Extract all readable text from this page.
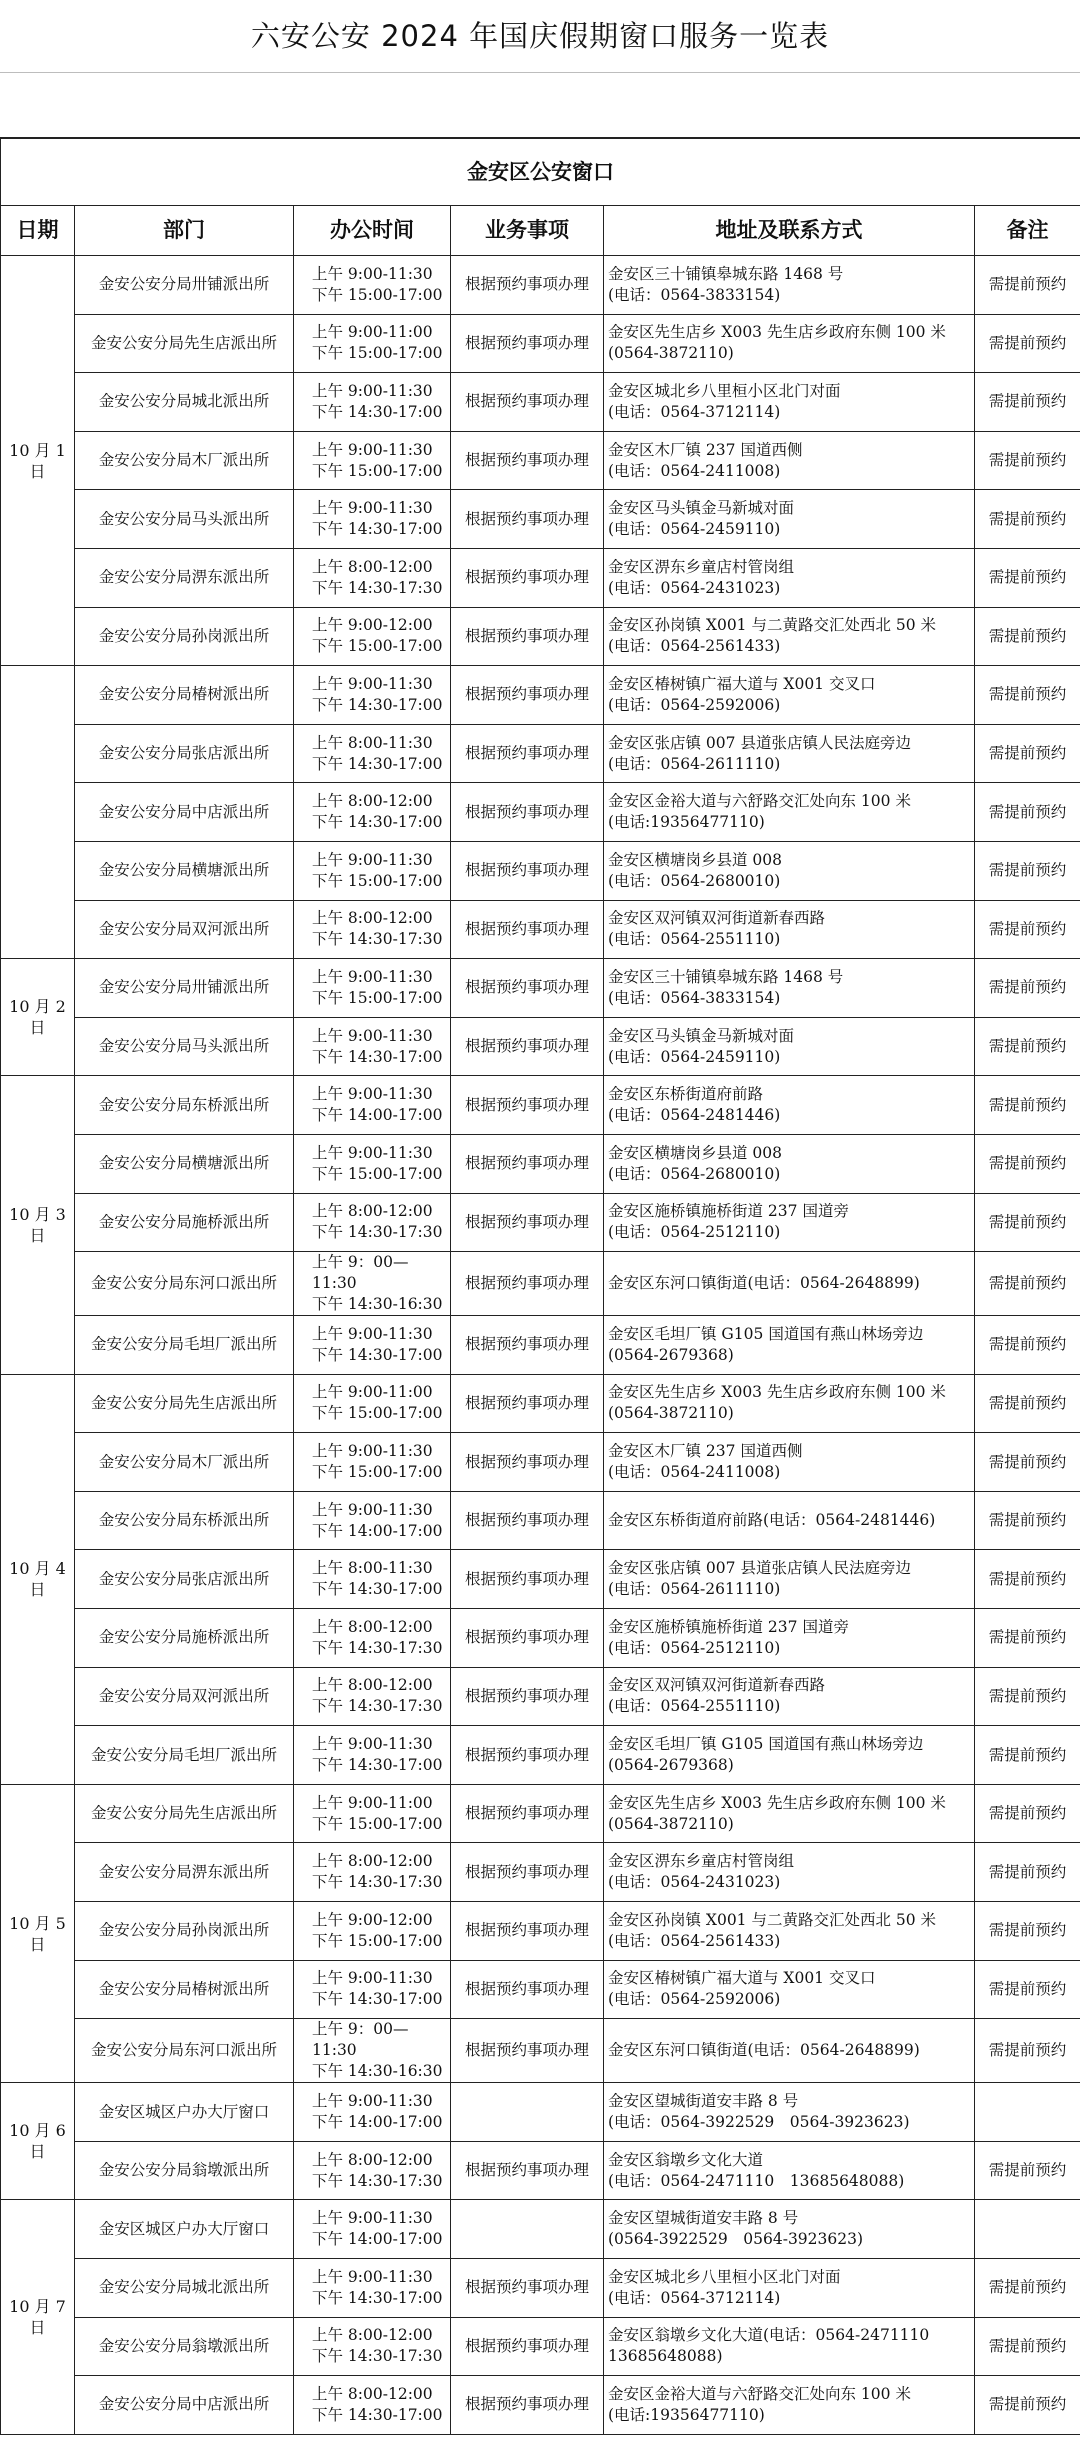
六安公安 2024 年国庆假期窗口服务一览表
金安区公安窗口					
日期	部门	办公时间	业务事项	地址及联系方式	备注
10 月 1 日	金安公安分局卅铺派出所	上午 9:00-11:30
下午 15:00-17:00	根据预约事项办理	金安区三十铺镇皋城东路 1468 号
(电话：0564-3833154)	需提前预约
	金安公安分局先生店派出所	上午 9:00-11:00
下午 15:00-17:00	根据预约事项办理	金安区先生店乡 X003 先生店乡政府东侧 100 米
(0564-3872110)	需提前预约
	金安公安分局城北派出所	上午 9:00-11:30
下午 14:30-17:00	根据预约事项办理	金安区城北乡八里桓小区北门对面
(电话：0564-3712114)	需提前预约
	金安公安分局木厂派出所	上午 9:00-11:30
下午 15:00-17:00	根据预约事项办理	金安区木厂镇 237 国道西侧
(电话：0564-2411008)	需提前预约
	金安公安分局马头派出所	上午 9:00-11:30
下午 14:30-17:00	根据预约事项办理	金安区马头镇金马新城对面
(电话：0564-2459110)	需提前预约
	金安公安分局淠东派出所	上午 8:00-12:00
下午 14:30-17:30	根据预约事项办理	金安区淠东乡童店村管岗组
(电话：0564-2431023)	需提前预约
	金安公安分局孙岗派出所	上午 9:00-12:00
下午 15:00-17:00	根据预约事项办理	金安区孙岗镇 X001 与二黄路交汇处西北 50 米
(电话：0564-2561433)	需提前预约
	金安公安分局椿树派出所	上午 9:00-11:30
下午 14:30-17:00	根据预约事项办理	金安区椿树镇广福大道与 X001 交叉口
(电话：0564-2592006)	需提前预约
	金安公安分局张店派出所	上午 8:00-11:30
下午 14:30-17:00	根据预约事项办理	金安区张店镇 007 县道张店镇人民法庭旁边
(电话：0564-2611110)	需提前预约
	金安公安分局中店派出所	上午 8:00-12:00
下午 14:30-17:00	根据预约事项办理	金安区金裕大道与六舒路交汇处向东 100 米
(电话:19356477110)	需提前预约
	金安公安分局横塘派出所	上午 9:00-11:30
下午 15:00-17:00	根据预约事项办理	金安区横塘岗乡县道 008
(电话：0564-2680010)	需提前预约
	金安公安分局双河派出所	上午 8:00-12:00
下午 14:30-17:30	根据预约事项办理	金安区双河镇双河街道新春西路
(电话：0564-2551110)	需提前预约
10 月 2 日	金安公安分局卅铺派出所	上午 9:00-11:30
下午 15:00-17:00	根据预约事项办理	金安区三十铺镇皋城东路 1468 号
(电话：0564-3833154)	需提前预约
	金安公安分局马头派出所	上午 9:00-11:30
下午 14:30-17:00	根据预约事项办理	金安区马头镇金马新城对面
(电话：0564-2459110)	需提前预约
10 月 3 日	金安公安分局东桥派出所	上午 9:00-11:30
下午 14:00-17:00	根据预约事项办理	金安区东桥街道府前路
(电话：0564-2481446)	需提前预约
	金安公安分局横塘派出所	上午 9:00-11:30
下午 15:00-17:00	根据预约事项办理	金安区横塘岗乡县道 008
(电话：0564-2680010)	需提前预约
	金安公安分局施桥派出所	上午 8:00-12:00
下午 14:30-17:30	根据预约事项办理	金安区施桥镇施桥街道 237 国道旁
(电话：0564-2512110)	需提前预约
	金安公安分局东河口派出所	上午 9：00—11:30
下午 14:30-16:30	根据预约事项办理	金安区东河口镇街道(电话：0564-2648899)	需提前预约
	金安公安分局毛坦厂派出所	上午 9:00-11:30
下午 14:30-17:00	根据预约事项办理	金安区毛坦厂镇 G105 国道国有燕山林场旁边
(0564-2679368)	需提前预约
10 月 4 日	金安公安分局先生店派出所	上午 9:00-11:00
下午 15:00-17:00	根据预约事项办理	金安区先生店乡 X003 先生店乡政府东侧 100 米
(0564-3872110)	需提前预约
	金安公安分局木厂派出所	上午 9:00-11:30
下午 15:00-17:00	根据预约事项办理	金安区木厂镇 237 国道西侧
(电话：0564-2411008)	需提前预约
	金安公安分局东桥派出所	上午 9:00-11:30
下午 14:00-17:00	根据预约事项办理	金安区东桥街道府前路(电话：0564-2481446)	需提前预约
	金安公安分局张店派出所	上午 8:00-11:30
下午 14:30-17:00	根据预约事项办理	金安区张店镇 007 县道张店镇人民法庭旁边
(电话：0564-2611110)	需提前预约
	金安公安分局施桥派出所	上午 8:00-12:00
下午 14:30-17:30	根据预约事项办理	金安区施桥镇施桥街道 237 国道旁
(电话：0564-2512110)	需提前预约
	金安公安分局双河派出所	上午 8:00-12:00
下午 14:30-17:30	根据预约事项办理	金安区双河镇双河街道新春西路
(电话：0564-2551110)	需提前预约
	金安公安分局毛坦厂派出所	上午 9:00-11:30
下午 14:30-17:00	根据预约事项办理	金安区毛坦厂镇 G105 国道国有燕山林场旁边
(0564-2679368)	需提前预约
10 月 5 日	金安公安分局先生店派出所	上午 9:00-11:00
下午 15:00-17:00	根据预约事项办理	金安区先生店乡 X003 先生店乡政府东侧 100 米
(0564-3872110)	需提前预约
	金安公安分局淠东派出所	上午 8:00-12:00
下午 14:30-17:30	根据预约事项办理	金安区淠东乡童店村管岗组
(电话：0564-2431023)	需提前预约
	金安公安分局孙岗派出所	上午 9:00-12:00
下午 15:00-17:00	根据预约事项办理	金安区孙岗镇 X001 与二黄路交汇处西北 50 米
(电话：0564-2561433)	需提前预约
	金安公安分局椿树派出所	上午 9:00-11:30
下午 14:30-17:00	根据预约事项办理	金安区椿树镇广福大道与 X001 交叉口
(电话：0564-2592006)	需提前预约
	金安公安分局东河口派出所	上午 9：00—11:30
下午 14:30-16:30	根据预约事项办理	金安区东河口镇街道(电话：0564-2648899)	需提前预约
10 月 6 日	金安区城区户办大厅窗口	上午 9:00-11:30
下午 14:00-17:00		金安区望城街道安丰路 8 号
(电话：0564-3922529　0564-3923623)	

	金安公安分局翁墩派出所	上午 8:00-12:00
下午 14:30-17:30	根据预约事项办理	金安区翁墩乡文化大道
(电话：0564-2471110　13685648088)	需提前预约
10 月 7 日	金安区城区户办大厅窗口	上午 9:00-11:30
下午 14:00-17:00		金安区望城街道安丰路 8 号
(0564-3922529　0564-3923623)	

	金安公安分局城北派出所	上午 9:00-11:30
下午 14:30-17:00	根据预约事项办理	金安区城北乡八里桓小区北门对面
(电话：0564-3712114)	需提前预约
	金安公安分局翁墩派出所	上午 8:00-12:00
下午 14:30-17:30	根据预约事项办理	金安区翁墩乡文化大道(电话：0564-2471110
13685648088)	需提前预约
	金安公安分局中店派出所	上午 8:00-12:00
下午 14:30-17:00	根据预约事项办理	金安区金裕大道与六舒路交汇处向东 100 米
(电话:19356477110)	需提前预约
